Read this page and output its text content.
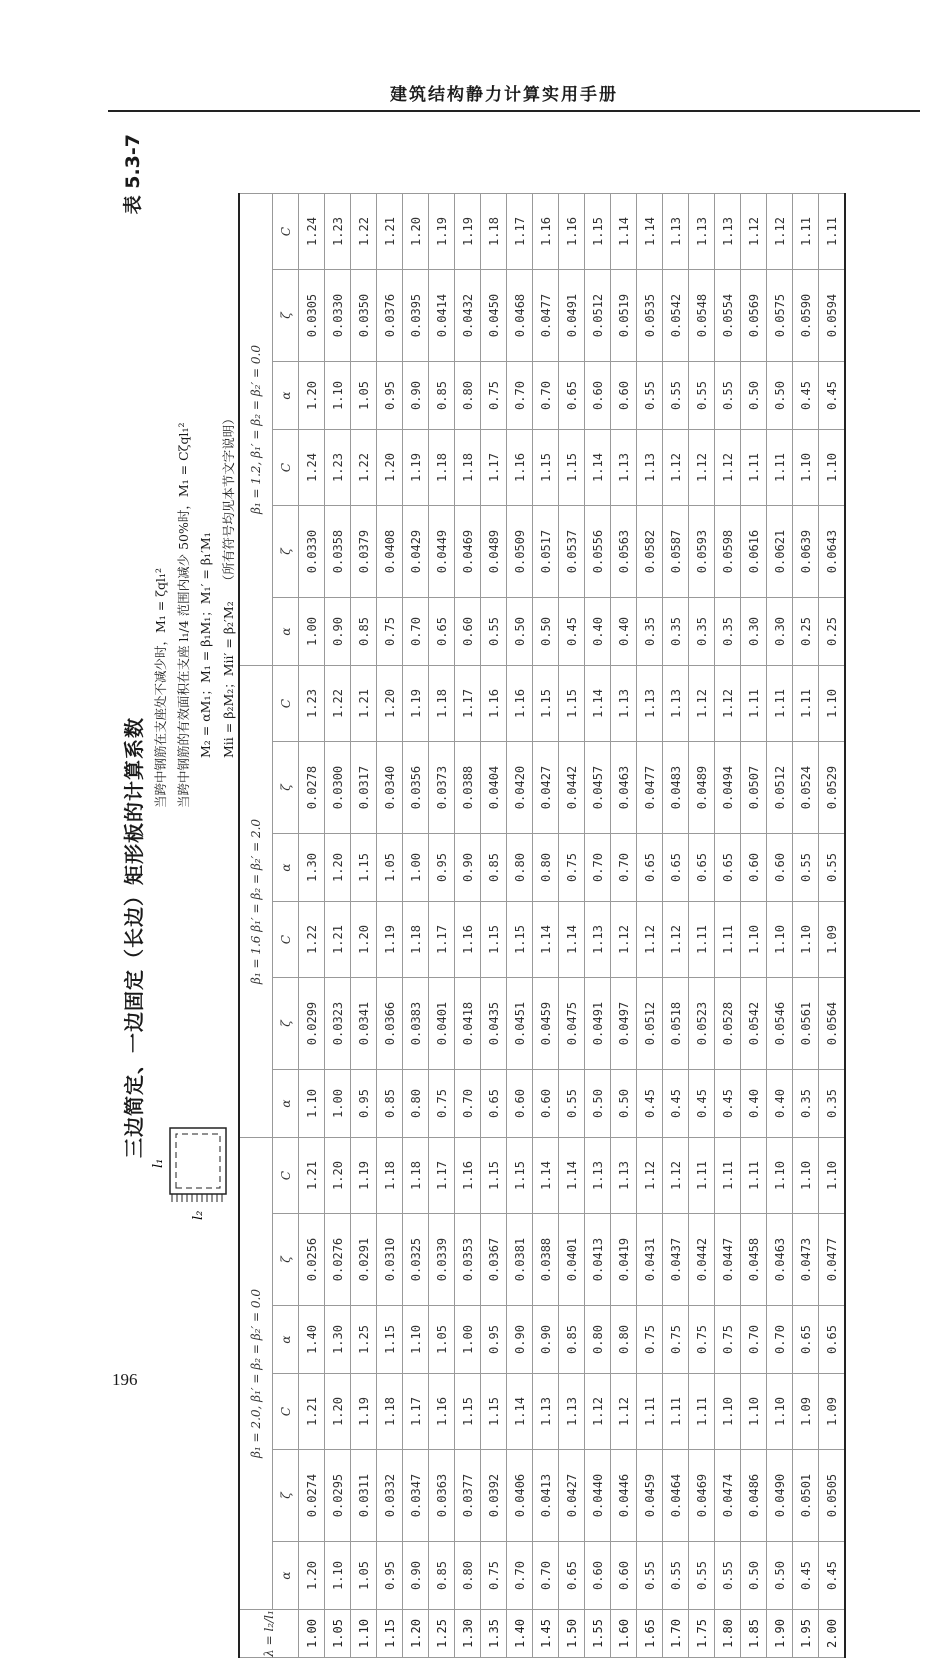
建筑结构静力计算实用手册
196
三边简定、一边固定（长边）矩形板的计算系数
表 5.3-7
l₁
l₂
当跨中钢筋在支座处不减少时，M₁ = ζql₁² 当跨中钢筋的有效面积在支座 l₁/4 范围内减少 50%时，M₁ = Cζql₁² M₂ = αM₁；M₁ = β₁M₁；M₁′ = β₁′M₁ Mⅱ = β₂M₂；Mⅱ′ = β₂′M₂（所有符号均见本节文字说明）
λ = l₂/l₁	β₁ = 2.0, β₁′ = β₂ = β₂′ = 0.0						β₁ = 1.6 β₁′ = β₂ = β₂′ = 2.0						β₁ = 1.2, β₁′ = β₂ = β₂′ = 0.0					
	α	ζ	C	α	ζ	C	α	ζ	C	α	ζ	C	α	ζ	C	α	ζ	C
1.00	1.20	0.0274	1.21	1.40	0.0256	1.21	1.10	0.0299	1.22	1.30	0.0278	1.23	1.00	0.0330	1.24	1.20	0.0305	1.24
1.05	1.10	0.0295	1.20	1.30	0.0276	1.20	1.00	0.0323	1.21	1.20	0.0300	1.22	0.90	0.0358	1.23	1.10	0.0330	1.23
1.10	1.05	0.0311	1.19	1.25	0.0291	1.19	0.95	0.0341	1.20	1.15	0.0317	1.21	0.85	0.0379	1.22	1.05	0.0350	1.22
1.15	0.95	0.0332	1.18	1.15	0.0310	1.18	0.85	0.0366	1.19	1.05	0.0340	1.20	0.75	0.0408	1.20	0.95	0.0376	1.21
1.20	0.90	0.0347	1.17	1.10	0.0325	1.18	0.80	0.0383	1.18	1.00	0.0356	1.19	0.70	0.0429	1.19	0.90	0.0395	1.20
1.25	0.85	0.0363	1.16	1.05	0.0339	1.17	0.75	0.0401	1.17	0.95	0.0373	1.18	0.65	0.0449	1.18	0.85	0.0414	1.19
1.30	0.80	0.0377	1.15	1.00	0.0353	1.16	0.70	0.0418	1.16	0.90	0.0388	1.17	0.60	0.0469	1.18	0.80	0.0432	1.19
1.35	0.75	0.0392	1.15	0.95	0.0367	1.15	0.65	0.0435	1.15	0.85	0.0404	1.16	0.55	0.0489	1.17	0.75	0.0450	1.18
1.40	0.70	0.0406	1.14	0.90	0.0381	1.15	0.60	0.0451	1.15	0.80	0.0420	1.16	0.50	0.0509	1.16	0.70	0.0468	1.17
1.45	0.70	0.0413	1.13	0.90	0.0388	1.14	0.60	0.0459	1.14	0.80	0.0427	1.15	0.50	0.0517	1.15	0.70	0.0477	1.16
1.50	0.65	0.0427	1.13	0.85	0.0401	1.14	0.55	0.0475	1.14	0.75	0.0442	1.15	0.45	0.0537	1.15	0.65	0.0491	1.16
1.55	0.60	0.0440	1.12	0.80	0.0413	1.13	0.50	0.0491	1.13	0.70	0.0457	1.14	0.40	0.0556	1.14	0.60	0.0512	1.15
1.60	0.60	0.0446	1.12	0.80	0.0419	1.13	0.50	0.0497	1.12	0.70	0.0463	1.13	0.40	0.0563	1.13	0.60	0.0519	1.14
1.65	0.55	0.0459	1.11	0.75	0.0431	1.12	0.45	0.0512	1.12	0.65	0.0477	1.13	0.35	0.0582	1.13	0.55	0.0535	1.14
1.70	0.55	0.0464	1.11	0.75	0.0437	1.12	0.45	0.0518	1.12	0.65	0.0483	1.13	0.35	0.0587	1.12	0.55	0.0542	1.13
1.75	0.55	0.0469	1.11	0.75	0.0442	1.11	0.45	0.0523	1.11	0.65	0.0489	1.12	0.35	0.0593	1.12	0.55	0.0548	1.13
1.80	0.55	0.0474	1.10	0.75	0.0447	1.11	0.45	0.0528	1.11	0.65	0.0494	1.12	0.35	0.0598	1.12	0.55	0.0554	1.13
1.85	0.50	0.0486	1.10	0.70	0.0458	1.11	0.40	0.0542	1.10	0.60	0.0507	1.11	0.30	0.0616	1.11	0.50	0.0569	1.12
1.90	0.50	0.0490	1.10	0.70	0.0463	1.10	0.40	0.0546	1.10	0.60	0.0512	1.11	0.30	0.0621	1.11	0.50	0.0575	1.12
1.95	0.45	0.0501	1.09	0.65	0.0473	1.10	0.35	0.0561	1.10	0.55	0.0524	1.11	0.25	0.0639	1.10	0.45	0.0590	1.11
2.00	0.45	0.0505	1.09	0.65	0.0477	1.10	0.35	0.0564	1.09	0.55	0.0529	1.10	0.25	0.0643	1.10	0.45	0.0594	1.11
